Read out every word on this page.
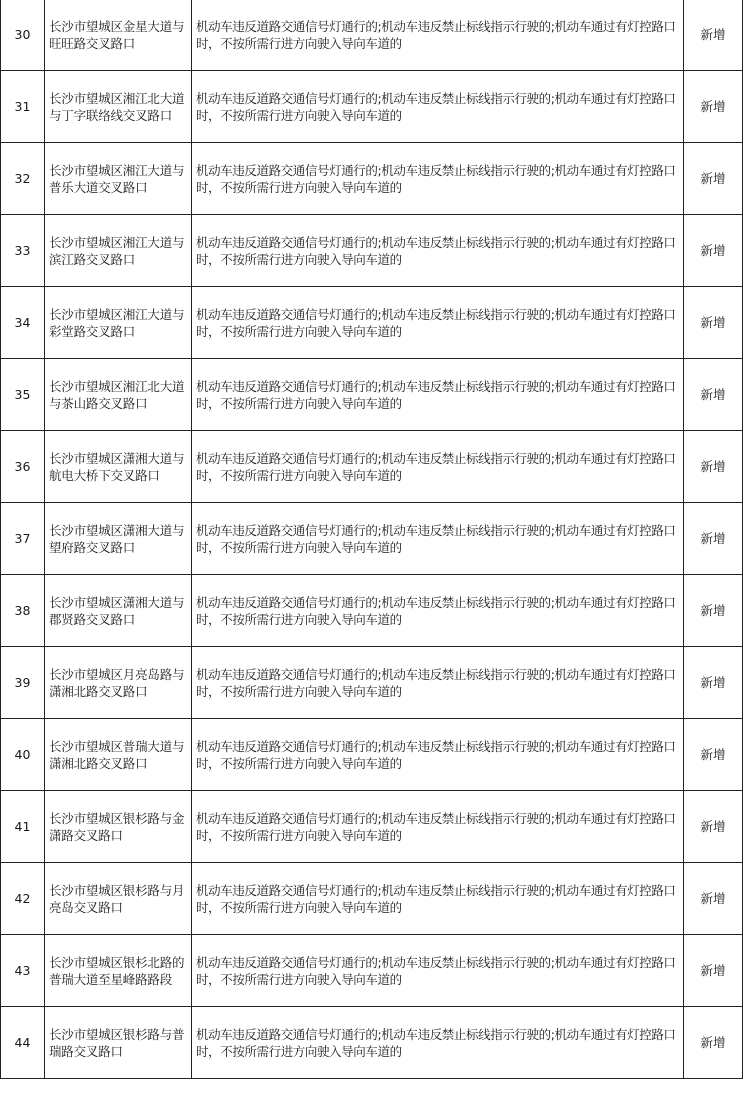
30	长沙市望城区金星大道与旺旺路交叉路口	机动车违反道路交通信号灯通行的;机动车违反禁止标线指示行驶的;机动车通过有灯控路口时，不按所需行进方向驶入导向车道的	新增

31	长沙市望城区湘江北大道与丁字联络线交叉路口	机动车违反道路交通信号灯通行的;机动车违反禁止标线指示行驶的;机动车通过有灯控路口时，不按所需行进方向驶入导向车道的	新增

32	长沙市望城区湘江大道与普乐大道交叉路口	机动车违反道路交通信号灯通行的;机动车违反禁止标线指示行驶的;机动车通过有灯控路口时，不按所需行进方向驶入导向车道的	新增

33	长沙市望城区湘江大道与滨江路交叉路口	机动车违反道路交通信号灯通行的;机动车违反禁止标线指示行驶的;机动车通过有灯控路口时，不按所需行进方向驶入导向车道的	新增

34	长沙市望城区湘江大道与彩堂路交叉路口	机动车违反道路交通信号灯通行的;机动车违反禁止标线指示行驶的;机动车通过有灯控路口时，不按所需行进方向驶入导向车道的	新增

35	长沙市望城区湘江北大道与茶山路交叉路口	机动车违反道路交通信号灯通行的;机动车违反禁止标线指示行驶的;机动车通过有灯控路口时，不按所需行进方向驶入导向车道的	新增

36	长沙市望城区潇湘大道与航电大桥下交叉路口	机动车违反道路交通信号灯通行的;机动车违反禁止标线指示行驶的;机动车通过有灯控路口时，不按所需行进方向驶入导向车道的	新增

37	长沙市望城区潇湘大道与望府路交叉路口	机动车违反道路交通信号灯通行的;机动车违反禁止标线指示行驶的;机动车通过有灯控路口时，不按所需行进方向驶入导向车道的	新增

38	长沙市望城区潇湘大道与郡贤路交叉路口	机动车违反道路交通信号灯通行的;机动车违反禁止标线指示行驶的;机动车通过有灯控路口时，不按所需行进方向驶入导向车道的	新增

39	长沙市望城区月亮岛路与潇湘北路交叉路口	机动车违反道路交通信号灯通行的;机动车违反禁止标线指示行驶的;机动车通过有灯控路口时，不按所需行进方向驶入导向车道的	新增

40	长沙市望城区普瑞大道与潇湘北路交叉路口	机动车违反道路交通信号灯通行的;机动车违反禁止标线指示行驶的;机动车通过有灯控路口时，不按所需行进方向驶入导向车道的	新增

41	长沙市望城区银杉路与金潇路交叉路口	机动车违反道路交通信号灯通行的;机动车违反禁止标线指示行驶的;机动车通过有灯控路口时，不按所需行进方向驶入导向车道的	新增

42	长沙市望城区银杉路与月亮岛交叉路口	机动车违反道路交通信号灯通行的;机动车违反禁止标线指示行驶的;机动车通过有灯控路口时，不按所需行进方向驶入导向车道的	新增

43	长沙市望城区银杉北路的普瑞大道至星峰路路段	机动车违反道路交通信号灯通行的;机动车违反禁止标线指示行驶的;机动车通过有灯控路口时，不按所需行进方向驶入导向车道的	新增

44	长沙市望城区银杉路与普瑞路交叉路口	机动车违反道路交通信号灯通行的;机动车违反禁止标线指示行驶的;机动车通过有灯控路口时，不按所需行进方向驶入导向车道的	新增
